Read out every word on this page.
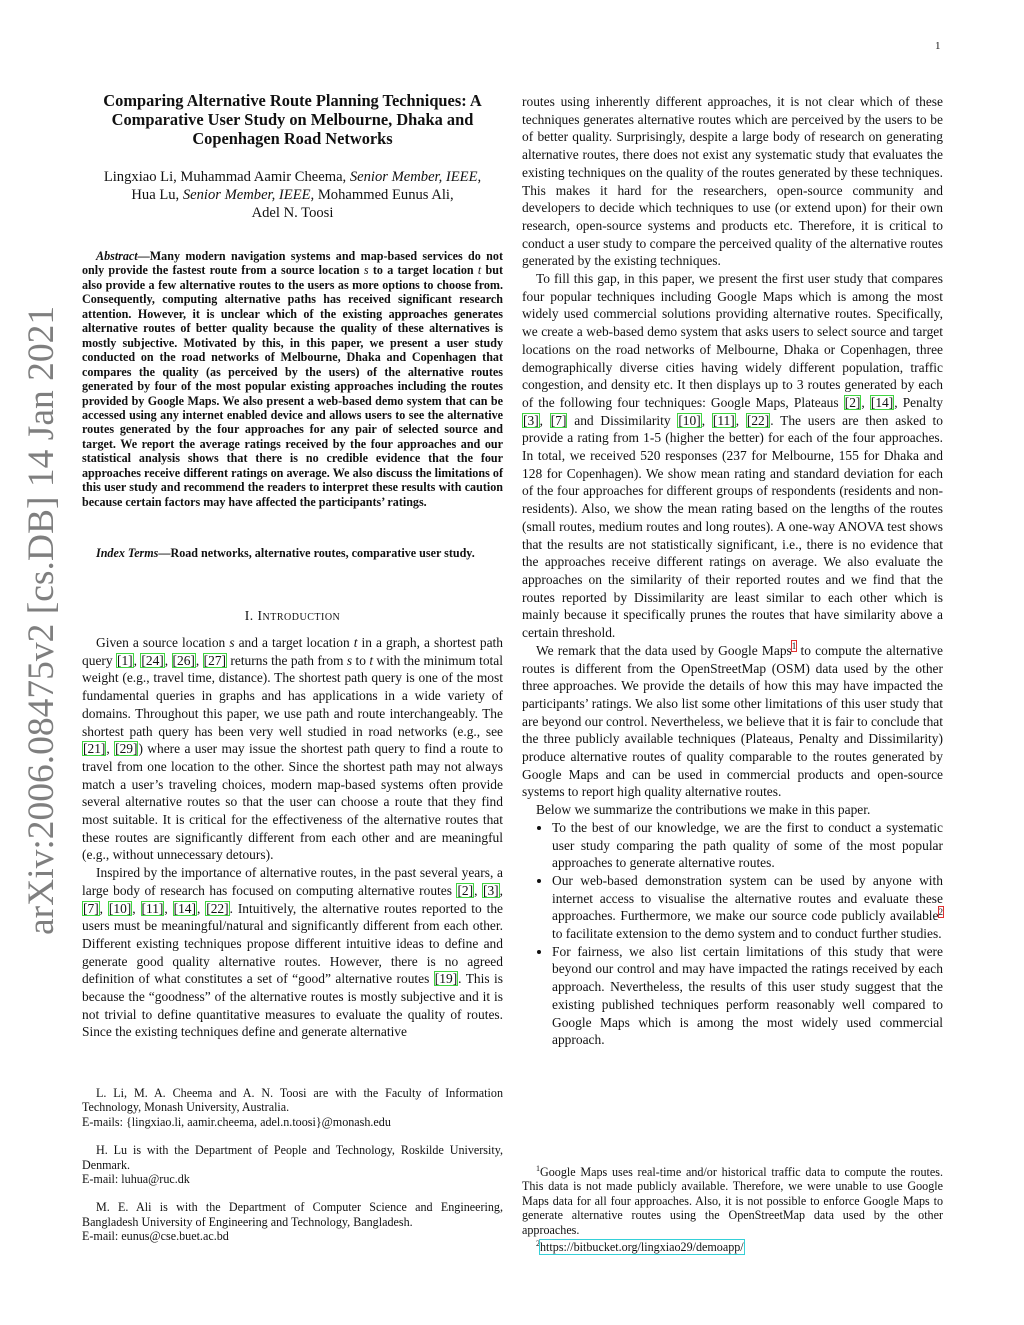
1
arXiv:2006.08475v2 [cs.DB] 14 Jan 2021
Comparing Alternative Route Planning Techniques: A Comparative User Study on Melbourne, Dhaka and Copenhagen Road Networks
Lingxiao Li, Muhammad Aamir Cheema, Senior Member, IEEE,
Hua Lu, Senior Member, IEEE, Mohammed Eunus Ali,
Adel N. Toosi

Abstract—Many modern navigation systems and map-based services do not only provide the fastest route from a source location s to a target location t but also provide a few alternative routes to the users as more options to choose from. Consequently, computing alternative paths has received significant research attention. However, it is unclear which of the existing approaches generates alternative routes of better quality because the quality of these alternatives is mostly subjective. Motivated by this, in this paper, we present a user study conducted on the road networks of Melbourne, Dhaka and Copenhagen that compares the quality (as perceived by the users) of the alternative routes generated by four of the most popular existing approaches including the routes provided by Google Maps. We also present a web-based demo system that can be accessed using any internet enabled device and allows users to see the alternative routes generated by the four approaches for any pair of selected source and target. We report the average ratings received by the four approaches and our statistical analysis shows that there is no credible evidence that the four approaches receive different ratings on average. We also discuss the limitations of this user study and recommend the readers to interpret these results with caution because certain factors may have affected the participants’ ratings.

Index Terms—Road networks, alternative routes, comparative user study.

I. Introduction

Given a source location s and a target location t in a graph, a shortest path query [1], [24], [26], [27] returns the path from s to t with the minimum total weight (e.g., travel time, distance). The shortest path query is one of the most fundamental queries in graphs and has applications in a wide variety of domains. Throughout this paper, we use path and route interchangeably. The shortest path query has been very well studied in road networks (e.g., see [21], [29]) where a user may issue the shortest path query to find a route to travel from one location to the other. Since the shortest path may not always match a user’s traveling choices, modern map-based systems often provide several alternative routes so that the user can choose a route that they find most suitable. It is critical for the effectiveness of the alternative routes that these routes are significantly different from each other and are meaningful (e.g., without unnecessary detours).

Inspired by the importance of alternative routes, in the past several years, a large body of research has focused on computing alternative routes [2], [3], [7], [10], [11], [14], [22]. Intuitively, the alternative routes reported to the users must be meaningful/natural and significantly different from each other. Different existing techniques propose different intuitive ideas to define and generate good quality alternative routes. However, there is no agreed definition of what constitutes a set of “good” alternative routes [19]. This is because the “goodness” of the alternative routes is mostly subjective and it is not trivial to define quantitative measures to evaluate the quality of routes. Since the existing techniques define and generate alternative

L. Li, M. A. Cheema and A. N. Toosi are with the Faculty of Information Technology, Monash University, Australia.
E-mails: {lingxiao.li, aamir.cheema, adel.n.toosi}@monash.edu

H. Lu is with the Department of People and Technology, Roskilde University, Denmark.
E-mail: luhua@ruc.dk

M. E. Ali is with the Department of Computer Science and Engineering, Bangladesh University of Engineering and Technology, Bangladesh.
E-mail: eunus@cse.buet.ac.bd

routes using inherently different approaches, it is not clear which of these techniques generates alternative routes which are perceived by the users to be of better quality. Surprisingly, despite a large body of research on generating alternative routes, there does not exist any systematic study that evaluates the existing techniques on the quality of the routes generated by these techniques. This makes it hard for the researchers, open-source community and developers to decide which techniques to use (or extend upon) for their own research, open-source systems and products etc. Therefore, it is critical to conduct a user study to compare the perceived quality of the alternative routes generated by the existing techniques.

To fill this gap, in this paper, we present the first user study that compares four popular techniques including Google Maps which is among the most widely used commercial solutions providing alternative routes. Specifically, we create a web-based demo system that asks users to select source and target locations on the road networks of Melbourne, Dhaka or Copenhagen, three demographically diverse cities having widely different population, traffic congestion, and density etc. It then displays up to 3 routes generated by each of the following four techniques: Google Maps, Plateaus [2], [14], Penalty [3], [7] and Dissimilarity [10], [11], [22]. The users are then asked to provide a rating from 1-5 (higher the better) for each of the four approaches. In total, we received 520 responses (237 for Melbourne, 155 for Dhaka and 128 for Copenhagen). We show mean rating and standard deviation for each of the four approaches for different groups of respondents (residents and non-residents). Also, we show the mean rating based on the lengths of the routes (small routes, medium routes and long routes). A one-way ANOVA test shows that the results are not statistically significant, i.e., there is no evidence that the approaches receive different ratings on average. We also evaluate the approaches on the similarity of their reported routes and we find that the routes reported by Dissimilarity are least similar to each other which is mainly because it specifically prunes the routes that have similarity above a certain threshold.

We remark that the data used by Google Maps$^1$ to compute the alternative routes is different from the OpenStreetMap (OSM) data used by the other three approaches. We provide the details of how this may have impacted the participants’ ratings. We also list some other limitations of this user study that are beyond our control. Nevertheless, we believe that it is fair to conclude that the three publicly available techniques (Plateaus, Penalty and Dissimilarity) produce alternative routes of quality comparable to the routes generated by Google Maps and can be used in commercial products and open-source systems to report high quality alternative routes.

Below we summarize the contributions we make in this paper.

• To the best of our knowledge, we are the first to conduct a systematic user study comparing the path quality of some of the most popular approaches to generate alternative routes.
• Our web-based demonstration system can be used by anyone with internet access to visualise the alternative routes and evaluate these approaches. Furthermore, we make our source code publicly available$^2$ to facilitate extension to the demo system and to conduct further studies.
• For fairness, we also list certain limitations of this study that were beyond our control and may have impacted the ratings received by each approach. Nevertheless, the results of this user study suggest that the existing published techniques perform reasonably well compared to Google Maps which is among the most widely used commercial approach.

$^1$Google Maps uses real-time and/or historical traffic data to compute the routes. This data is not made publicly available. Therefore, we were unable to use Google Maps data for all four approaches. Also, it is not possible to enforce Google Maps to generate alternative routes using the OpenStreetMap data used by the other approaches.

$^2$https://bitbucket.org/lingxiao29/demoapp/
